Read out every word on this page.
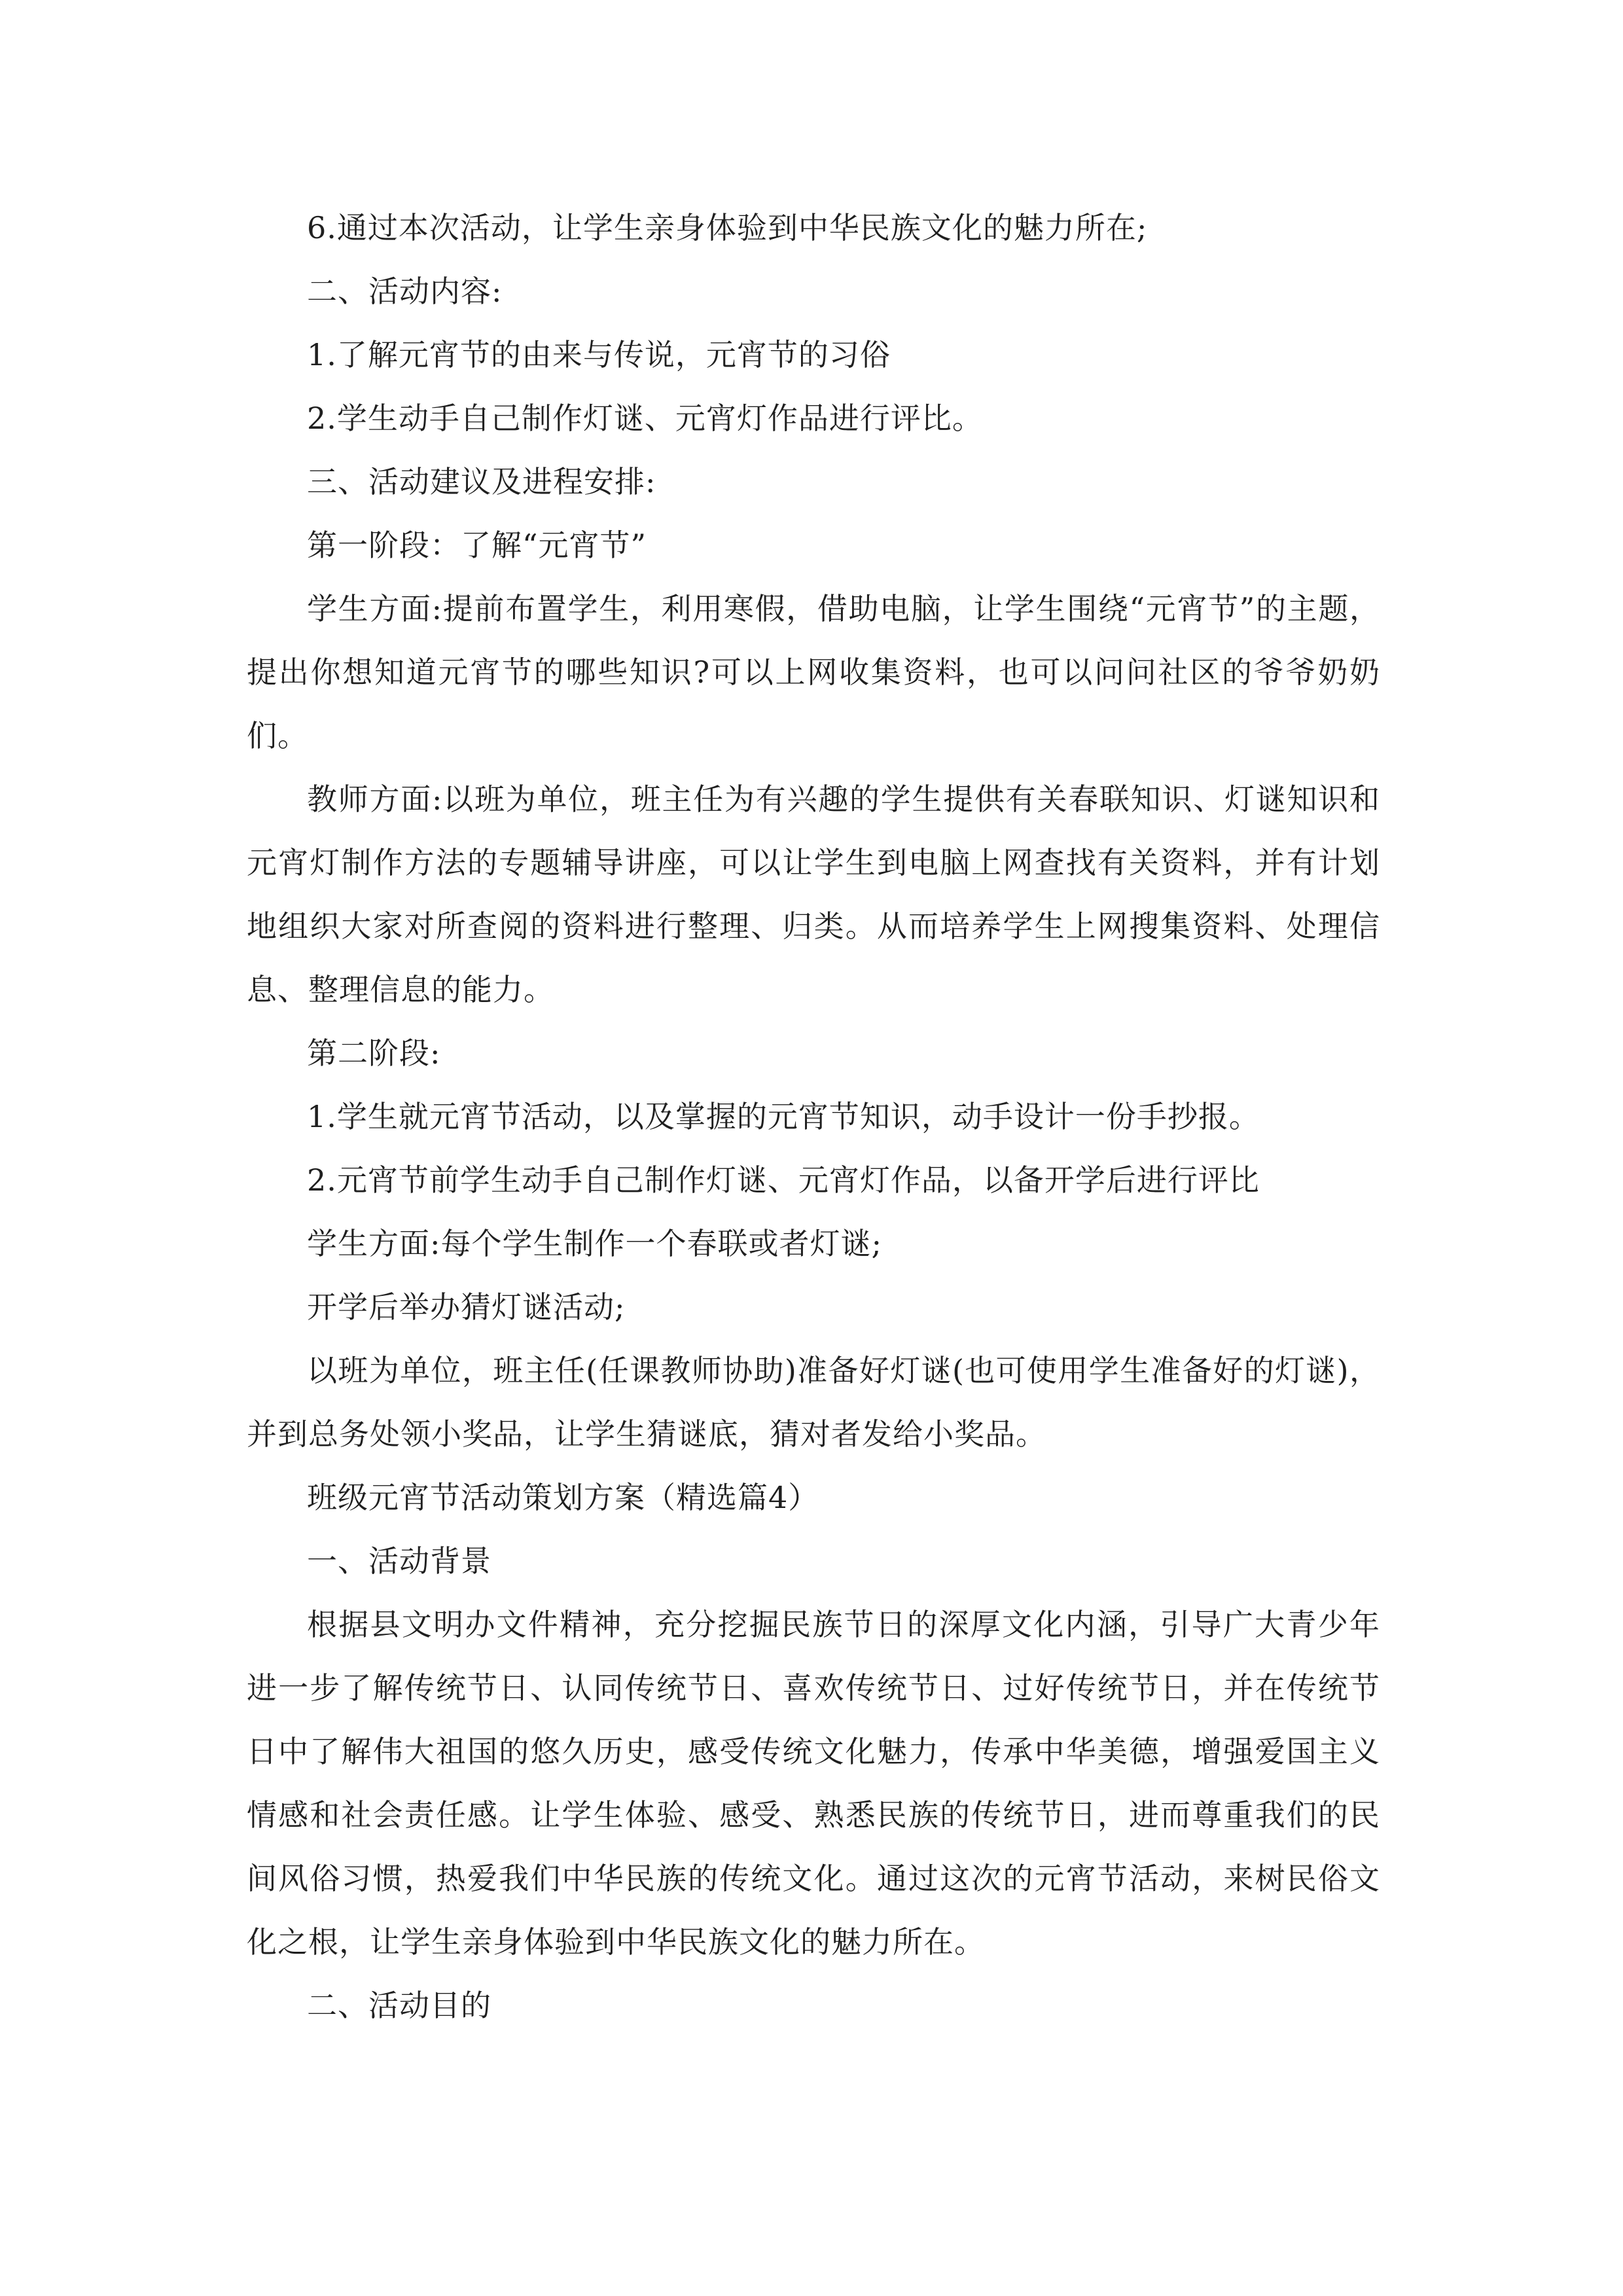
6.通过本次活动，让学生亲身体验到中华民族文化的魅力所在;

二、活动内容:

1.了解元宵节的由来与传说，元宵节的习俗

2.学生动手自己制作灯谜、元宵灯作品进行评比。

三、活动建议及进程安排:

第一阶段：了解“元宵节”

学生方面:提前布置学生，利用寒假，借助电脑，让学生围绕“元宵节”的主题，提出你想知道元宵节的哪些知识?可以上网收集资料，也可以问问社区的爷爷奶奶们。

教师方面:以班为单位，班主任为有兴趣的学生提供有关春联知识、灯谜知识和元宵灯制作方法的专题辅导讲座，可以让学生到电脑上网查找有关资料，并有计划地组织大家对所查阅的资料进行整理、归类。从而培养学生上网搜集资料、处理信息、整理信息的能力。

第二阶段:

1.学生就元宵节活动，以及掌握的元宵节知识，动手设计一份手抄报。

2.元宵节前学生动手自己制作灯谜、元宵灯作品，以备开学后进行评比

学生方面:每个学生制作一个春联或者灯谜;

开学后举办猜灯谜活动;

以班为单位，班主任(任课教师协助)准备好灯谜(也可使用学生准备好的灯谜)，并到总务处领小奖品，让学生猜谜底，猜对者发给小奖品。

班级元宵节活动策划方案（精选篇4）

一、活动背景

根据县文明办文件精神，充分挖掘民族节日的深厚文化内涵，引导广大青少年进一步了解传统节日、认同传统节日、喜欢传统节日、过好传统节日，并在传统节日中了解伟大祖国的悠久历史，感受传统文化魅力，传承中华美德，增强爱国主义情感和社会责任感。让学生体验、感受、熟悉民族的传统节日，进而尊重我们的民间风俗习惯，热爱我们中华民族的传统文化。通过这次的元宵节活动，来树民俗文化之根，让学生亲身体验到中华民族文化的魅力所在。

二、活动目的
